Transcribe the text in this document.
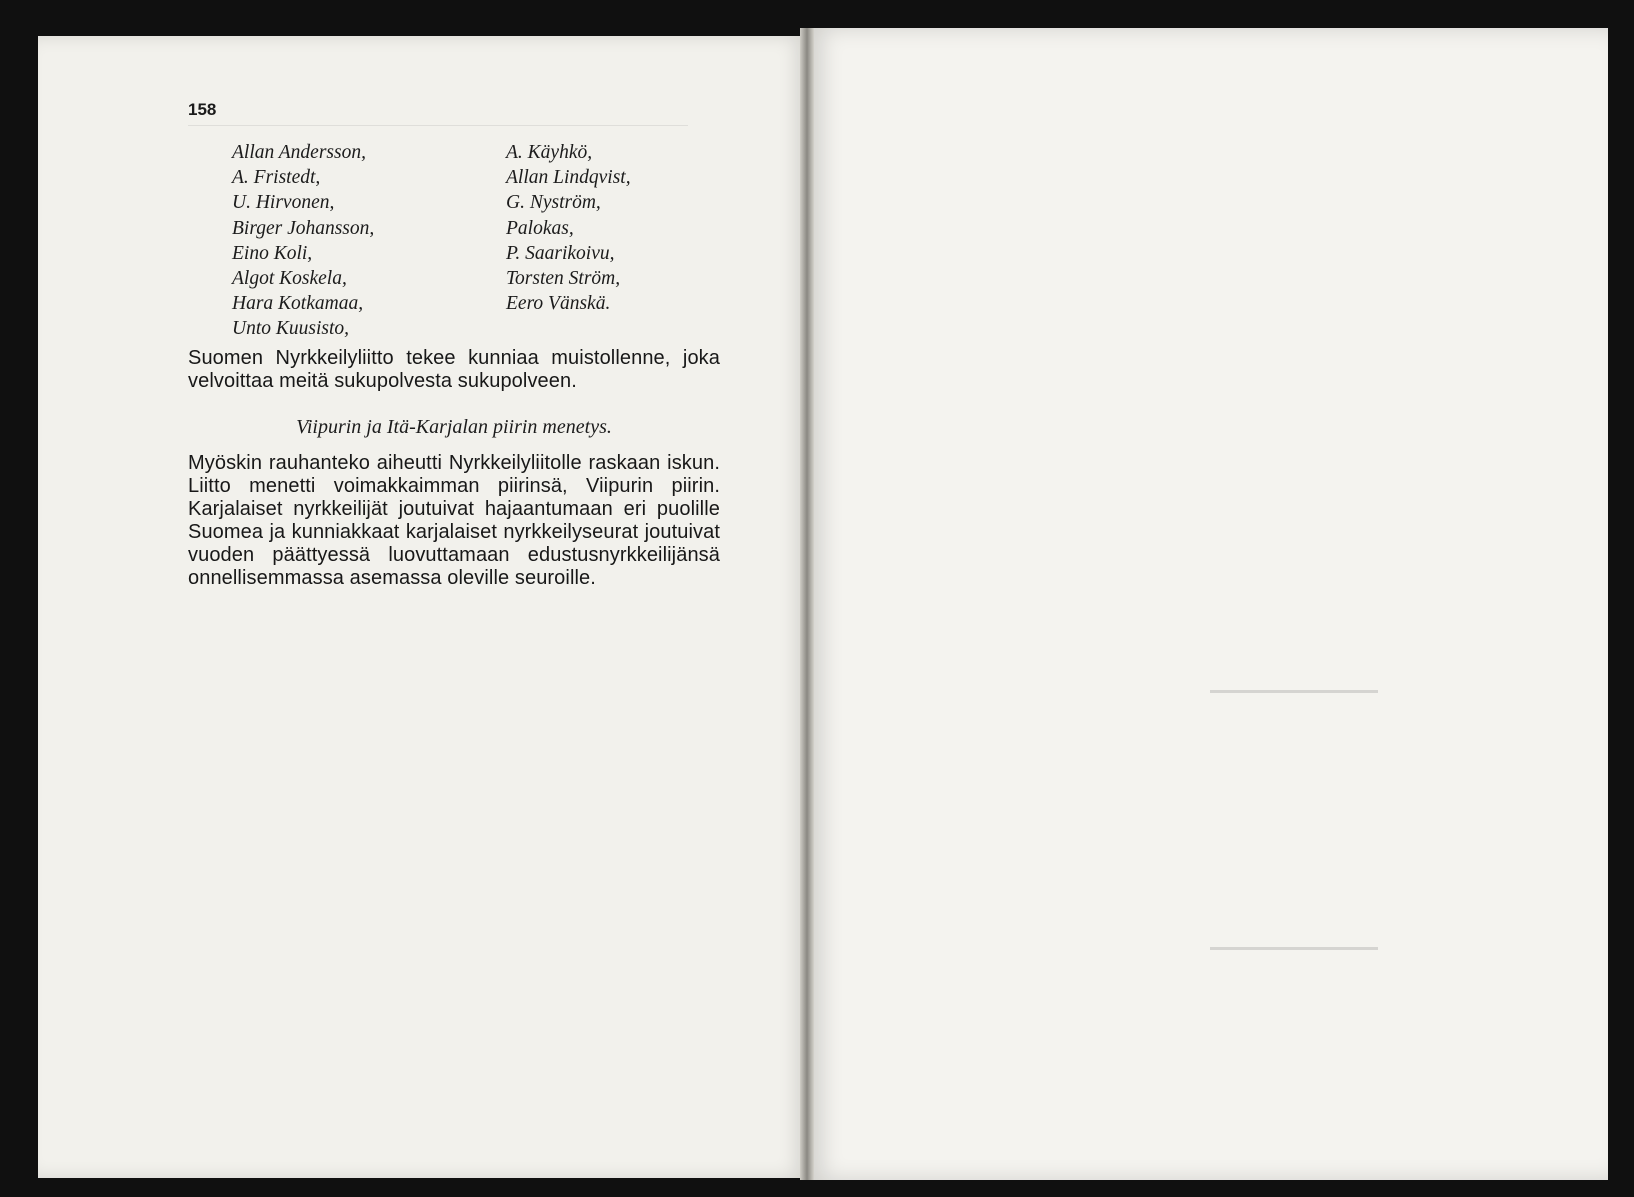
158
Allan Andersson,
A. Fristedt,
U. Hirvonen,
Birger Johansson,
Eino Koli,
Algot Koskela,
Hara Kotkamaa,
Unto Kuusisto,
A. Käyhkö,
Allan Lindqvist,
G. Nyström,
Palokas,
P. Saarikoivu,
Torsten Ström,
Eero Vänskä.

Suomen Nyrkkeilyliitto tekee kunniaa muistollenne, joka velvoittaa meitä sukupolvesta sukupolveen.

Viipurin ja Itä-Karjalan piirin menetys.

Myöskin rauhanteko aiheutti Nyrkkeilyliitolle raskaan iskun. Liitto menetti voimakkaimman piirinsä, Viipurin piirin. Karjalaiset nyrkkeilijät joutuivat hajaantumaan eri puolille Suomea ja kunniakkaat karjalaiset nyrkkeilyseurat joutuivat vuoden päättyessä luovuttamaan edustusnyrkkeilijänsä onnellisemmassa asemassa oleville seuroille.
